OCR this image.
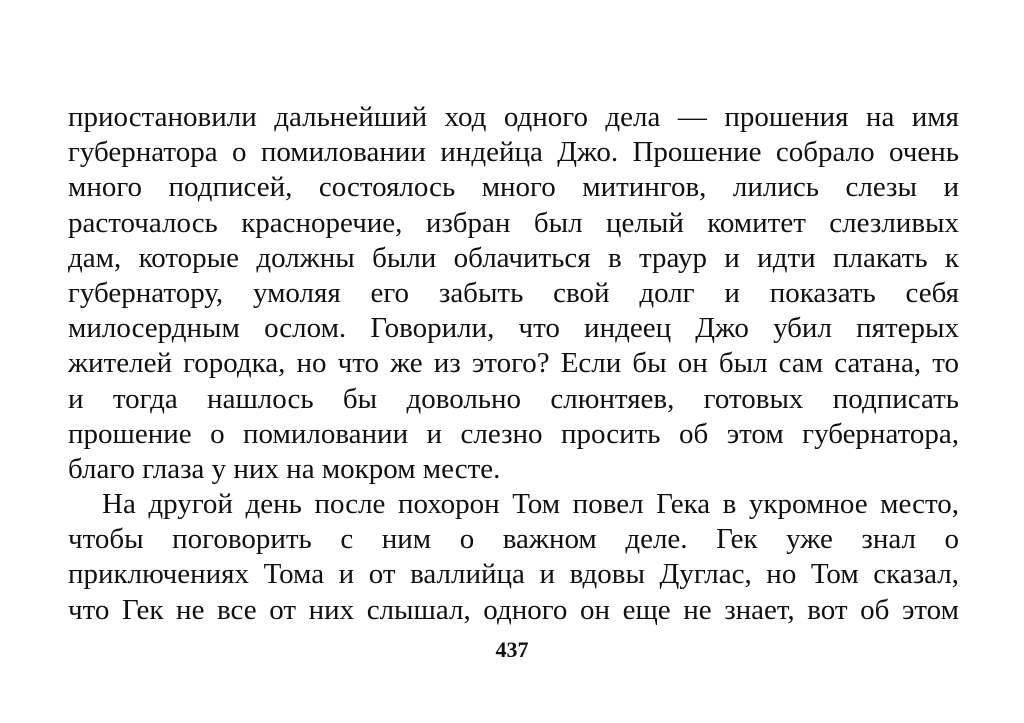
приостановили дальнейший ход одного дела — прошения на имя
губернатора о помиловании индейца Джо. Прошение собрало очень
много подписей, состоялось много митингов, лились слезы и
расточалось красноречие, избран был целый комитет слезливых
дам, которые должны были облачиться в траур и идти плакать к
губернатору, умоляя его забыть свой долг и показать себя
милосердным ослом. Говорили, что индеец Джо убил пятерых
жителей городка, но что же из этого? Если бы он был сам сатана, то
и тогда нашлось бы довольно слюнтяев, готовых подписать
прошение о помиловании и слезно просить об этом губернатора,
благо глаза у них на мокром месте.
На другой день после похорон Том повел Гека в укромное место,
чтобы поговорить с ним о важном деле. Гек уже знал о
приключениях Тома и от валлийца и вдовы Дуглас, но Том сказал,
что Гек не все от них слышал, одного он еще не знает, вот об этом
437
